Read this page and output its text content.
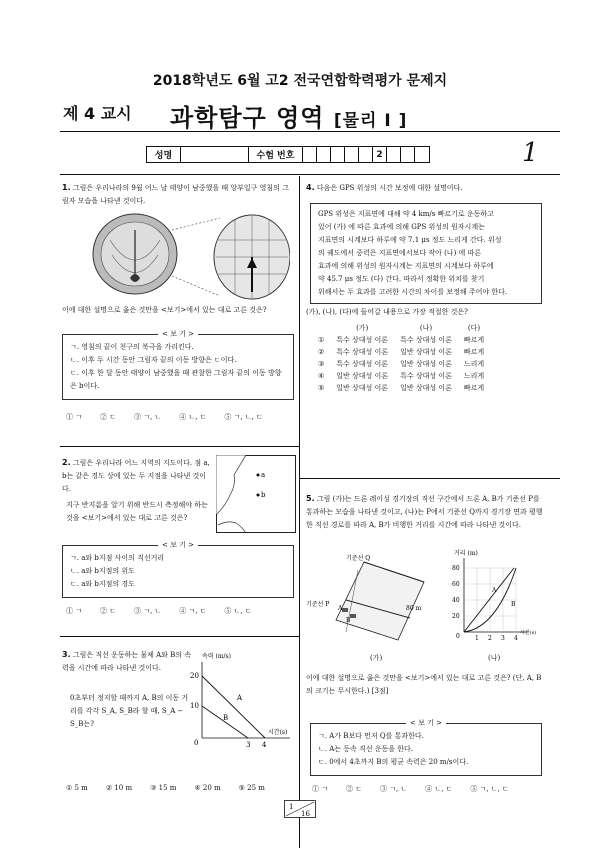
2018학년도 6월 고2 전국연합학력평가 문제지
제 4 교시 과학탐구 영역 [물리 I ]
성명	수험 번호	2	1
1. 그림은 우리나라의 9월 어느 날 태양이 남중했을 때 앙부일구 영침의 그림자 모습을 나타낸 것이다.
이에 대한 설명으로 옳은 것만을 <보기>에서 있는 대로 고른 것은?
< 보 기 >
ㄱ. 영침의 끝이 천구의 북극을 가리킨다.
ㄴ. 이후 두 시간 동안 그림자 끝의 이동 방향은 ㄷ이다.
ㄷ. 이후 한 달 동안 태양이 남중했을 때 관찰한 그림자 끝의 이동 방향은 b이다.
① ㄱ	② ㄷ	③ ㄱ, ㄴ	④ ㄴ, ㄷ	⑤ ㄱ, ㄴ, ㄷ
2. 그림은 우리나라 어느 지역의 지도이다. 점 a, b는 같은 경도 상에 있는 두 지점을 나타낸 것이다.
지구 반지름을 알기 위해 반드시 측정해야 하는 것을 <보기>에서 있는 대로 고른 것은?
a
b
< 보 기 >
ㄱ. a와 b지점 사이의 직선거리
ㄴ. a와 b지점의 위도
ㄷ. a와 b지점의 경도
① ㄱ	② ㄷ	③ ㄱ, ㄴ	④ ㄱ, ㄷ	⑤ ㄴ, ㄷ
3. 그림은 직선 운동하는 물체 A와 B의 속력을 시간에 따라 나타낸 것이다.
0초부터 정지할 때까지 A, B의 이동 거리를 각각 S_A, S_B라 할 때, S_A − S_B는?
속력 (m/s)
20
10
0
A
B
3 4
시간(s)
① 5 m	② 10 m	③ 15 m	④ 20 m	⑤ 25 m
4. 다음은 GPS 위성의 시간 보정에 대한 설명이다.
GPS 위성은 지표면에 대해 약 4 km/s 빠르기로 운동하고
있어 (가) 에 따른 효과에 의해 GPS 위성의 원자시계는
지표면의 시계보다 하루에 약 7.1 μs 정도 느리게 간다. 위성
의 궤도에서 중력은 지표면에서보다 작아 (나) 에 따른
효과에 의해 위성의 원자시계는 지표면의 시계보다 하루에
약 45.7 μs 정도 (다) 간다. 따라서 정확한 위치를 찾기
위해서는 두 효과를 고려한 시간의 차이를 보정해 주어야 한다.
(가), (나), (다)에 들어갈 내용으로 가장 적절한 것은?
	(가)	(나)	(다)
①	특수 상대성 이론	특수 상대성 이론	빠르게
②	특수 상대성 이론	일반 상대성 이론	빠르게
③	특수 상대성 이론	일반 상대성 이론	느리게
④	일반 상대성 이론	특수 상대성 이론	느리게
⑤	일반 상대성 이론	일반 상대성 이론	빠르게
5. 그림 (가)는 드론 레이싱 경기장의 직선 구간에서 드론 A, B가 기준선 P를 통과하는 모습을 나타낸 것이고, (나)는 P에서 기준선 Q까지 경기장 면과 평행한 직선 경로를 따라 A, B가 비행한 거리를 시간에 따라 나타낸 것이다.
기준선 Q
기준선 P
A
B
80 m
거리 (m)
80
60
40
20
0
A
B
1 2 3 4
시간(s)
(가)	(나)
이에 대한 설명으로 옳은 것만을 <보기>에서 있는 대로 고른 것은? (단, A, B의 크기는 무시한다.) [3점]
< 보 기 >
ㄱ. A가 B보다 먼저 Q를 통과한다.
ㄴ. A는 등속 직선 운동을 한다.
ㄷ. 0에서 4초까지 B의 평균 속력은 20 m/s이다.
① ㄱ	② ㄷ	③ ㄱ, ㄴ	④ ㄴ, ㄷ	⑤ ㄱ, ㄴ, ㄷ
1
16
